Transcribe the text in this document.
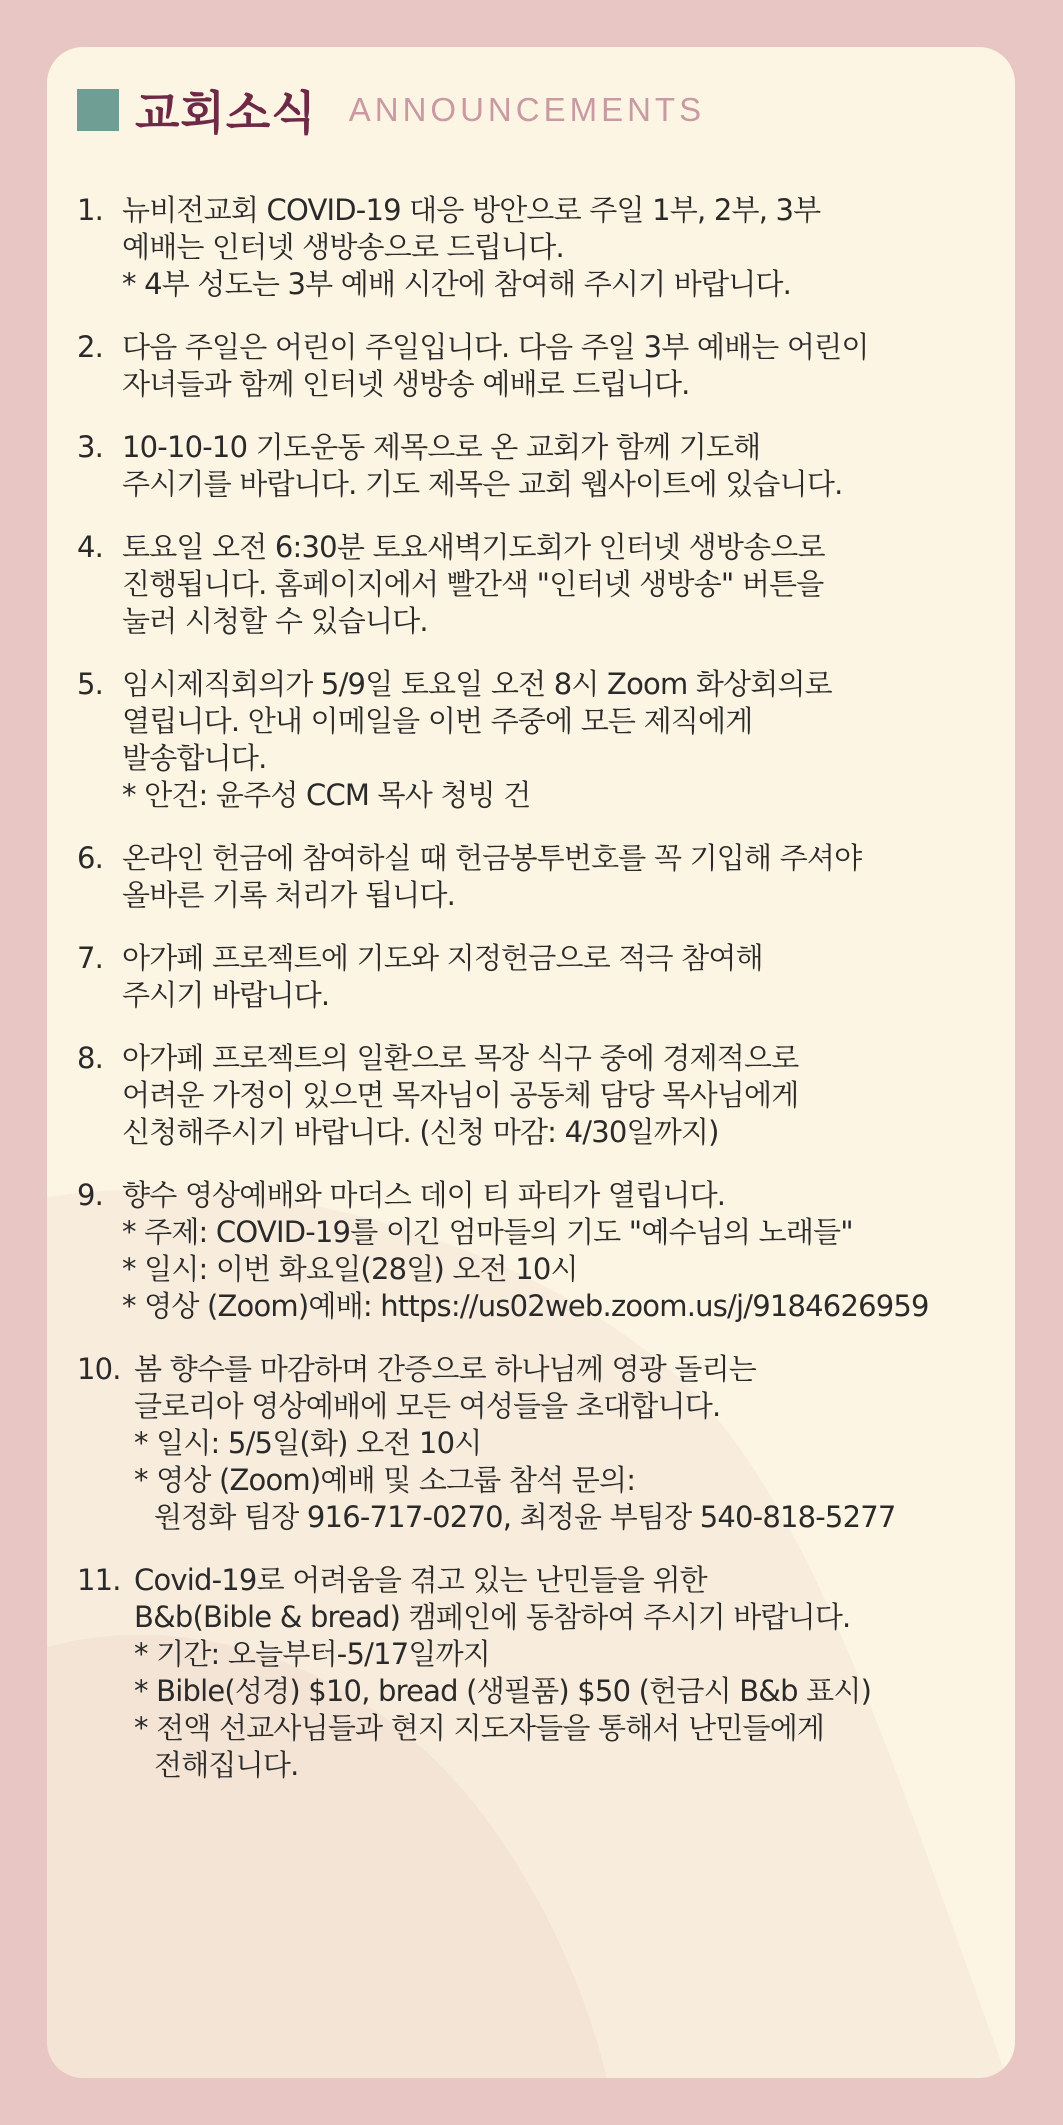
교회소식 ANNOUNCEMENTS
1. 뉴비전교회 COVID-19 대응 방안으로 주일 1부, 2부, 3부
예배는 인터넷 생방송으로 드립니다.
* 4부 성도는 3부 예배 시간에 참여해 주시기 바랍니다.
2. 다음 주일은 어린이 주일입니다. 다음 주일 3부 예배는 어린이
자녀들과 함께 인터넷 생방송 예배로 드립니다.
3. 10-10-10 기도운동 제목으로 온 교회가 함께 기도해
주시기를 바랍니다. 기도 제목은 교회 웹사이트에 있습니다.
4. 토요일 오전 6:30분 토요새벽기도회가 인터넷 생방송으로
진행됩니다. 홈페이지에서 빨간색 "인터넷 생방송" 버튼을
눌러 시청할 수 있습니다.
5. 임시제직회의가 5/9일 토요일 오전 8시 Zoom 화상회의로
열립니다. 안내 이메일을 이번 주중에 모든 제직에게
발송합니다.
* 안건: 윤주성 CCM 목사 청빙 건
6. 온라인 헌금에 참여하실 때 헌금봉투번호를 꼭 기입해 주셔야
올바른 기록 처리가 됩니다.
7. 아가페 프로젝트에 기도와 지정헌금으로 적극 참여해
주시기 바랍니다.
8. 아가페 프로젝트의 일환으로 목장 식구 중에 경제적으로
어려운 가정이 있으면 목자님이 공동체 담당 목사님에게
신청해주시기 바랍니다. (신청 마감: 4/30일까지)
9. 향수 영상예배와 마더스 데이 티 파티가 열립니다.
* 주제: COVID-19를 이긴 엄마들의 기도 "예수님의 노래들"
* 일시: 이번 화요일(28일) 오전 10시
* 영상 (Zoom)예배: https://us02web.zoom.us/j/9184626959
10. 봄 향수를 마감하며 간증으로 하나님께 영광 돌리는
글로리아 영상예배에 모든 여성들을 초대합니다.
* 일시: 5/5일(화) 오전 10시
* 영상 (Zoom)예배 및 소그룹 참석 문의:
원정화 팀장 916-717-0270, 최정윤 부팀장 540-818-5277
11. Covid-19로 어려움을 겪고 있는 난민들을 위한
B&b(Bible & bread) 캠페인에 동참하여 주시기 바랍니다.
* 기간: 오늘부터-5/17일까지
* Bible(성경) $10, bread (생필품) $50 (헌금시 B&b 표시)
* 전액 선교사님들과 현지 지도자들을 통해서 난민들에게
전해집니다.
